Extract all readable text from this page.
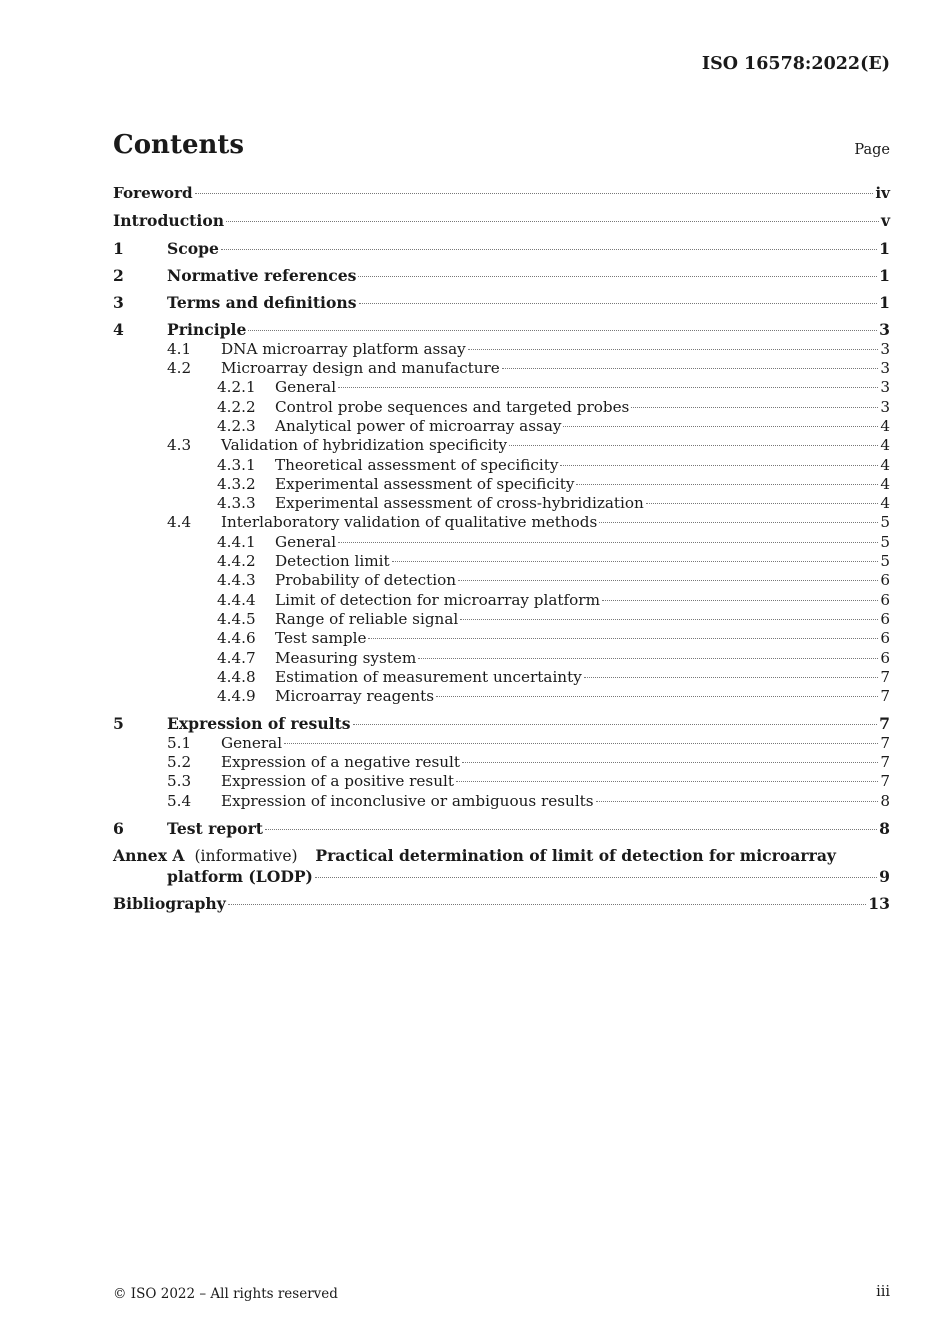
ISO 16578:2022(E)
Contents	Page
Foreword	iv
Introduction	v
1	Scope	1
2	Normative references	1
3	Terms and definitions	1
4	Principle	3
4.1	DNA microarray platform assay	3
4.2	Microarray design and manufacture	3
4.2.1	General	3
4.2.2	Control probe sequences and targeted probes	3
4.2.3	Analytical power of microarray assay	4
4.3	Validation of hybridization specificity	4
4.3.1	Theoretical assessment of specificity	4
4.3.2	Experimental assessment of specificity	4
4.3.3	Experimental assessment of cross-hybridization	4
4.4	Interlaboratory validation of qualitative methods	5
4.4.1	General	5
4.4.2	Detection limit	5
4.4.3	Probability of detection	6
4.4.4	Limit of detection for microarray platform	6
4.4.5	Range of reliable signal	6
4.4.6	Test sample	6
4.4.7	Measuring system	6
4.4.8	Estimation of measurement uncertainty	7
4.4.9	Microarray reagents	7
5	Expression of results	7
5.1	General	7
5.2	Expression of a negative result	7
5.3	Expression of a positive result	7
5.4	Expression of inconclusive or ambiguous results	8
6	Test report	8
Annex A (informative) Practical determination of limit of detection for microarray
platform (LODP)	9
Bibliography	13
© ISO 2022 – All rights reserved	iii
